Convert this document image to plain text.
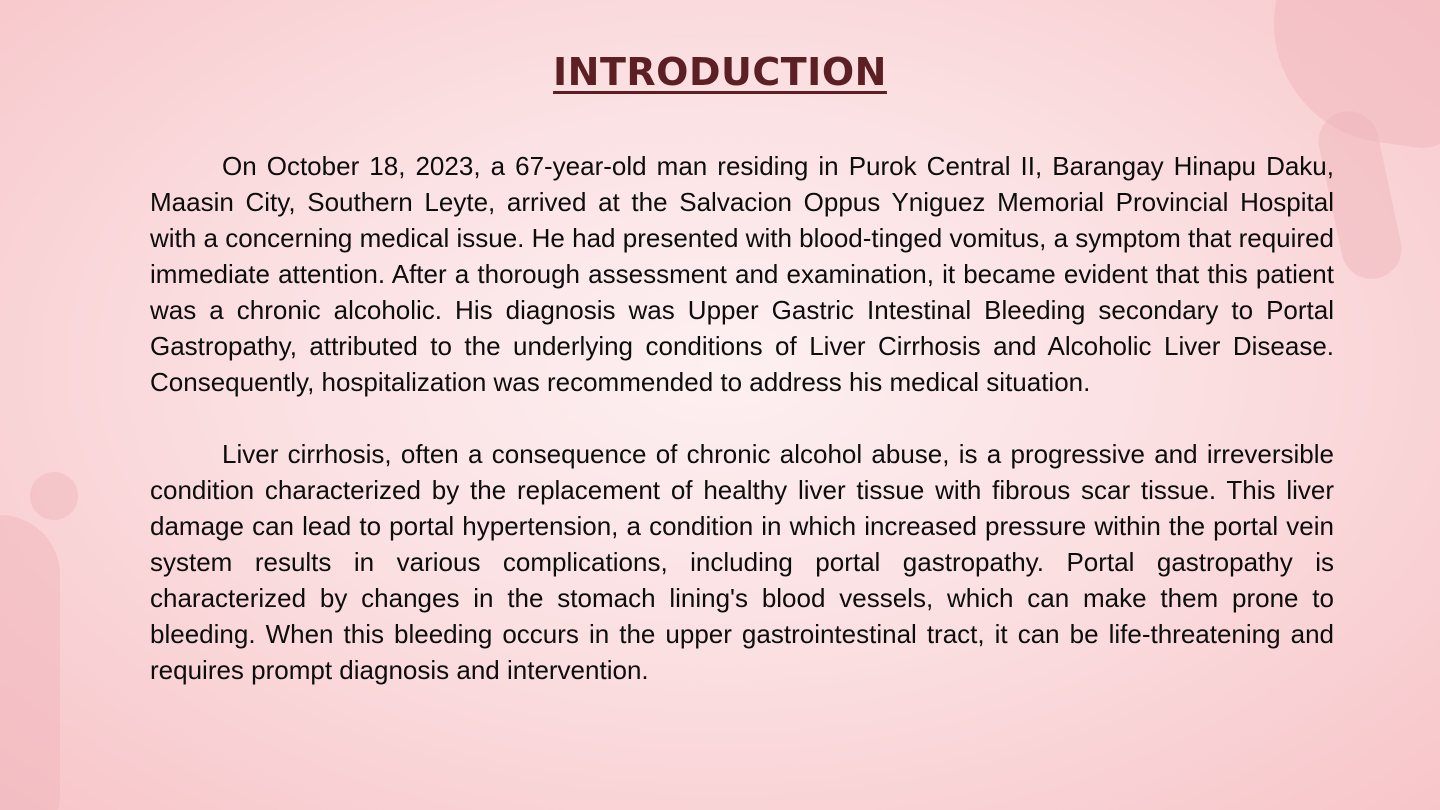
INTRODUCTION

On October 18, 2023, a 67-year-old man residing in Purok Central II, Barangay Hinapu Daku, Maasin City, Southern Leyte, arrived at the Salvacion Oppus Yniguez Memorial Provincial Hospital with a concerning medical issue. He had presented with blood-tinged vomitus, a symptom that required immediate attention. After a thorough assessment and examination, it became evident that this patient was a chronic alcoholic. His diagnosis was Upper Gastric Intestinal Bleeding secondary to Portal Gastropathy, attributed to the underlying conditions of Liver Cirrhosis and Alcoholic Liver Disease. Consequently, hospitalization was recommended to address his medical situation.

Liver cirrhosis, often a consequence of chronic alcohol abuse, is a progressive and irreversible condition characterized by the replacement of healthy liver tissue with fibrous scar tissue. This liver damage can lead to portal hypertension, a condition in which increased pressure within the portal vein system results in various complications, including portal gastropathy. Portal gastropathy is characterized by changes in the stomach lining's blood vessels, which can make them prone to bleeding. When this bleeding occurs in the upper gastrointestinal tract, it can be life-threatening and requires prompt diagnosis and intervention.
